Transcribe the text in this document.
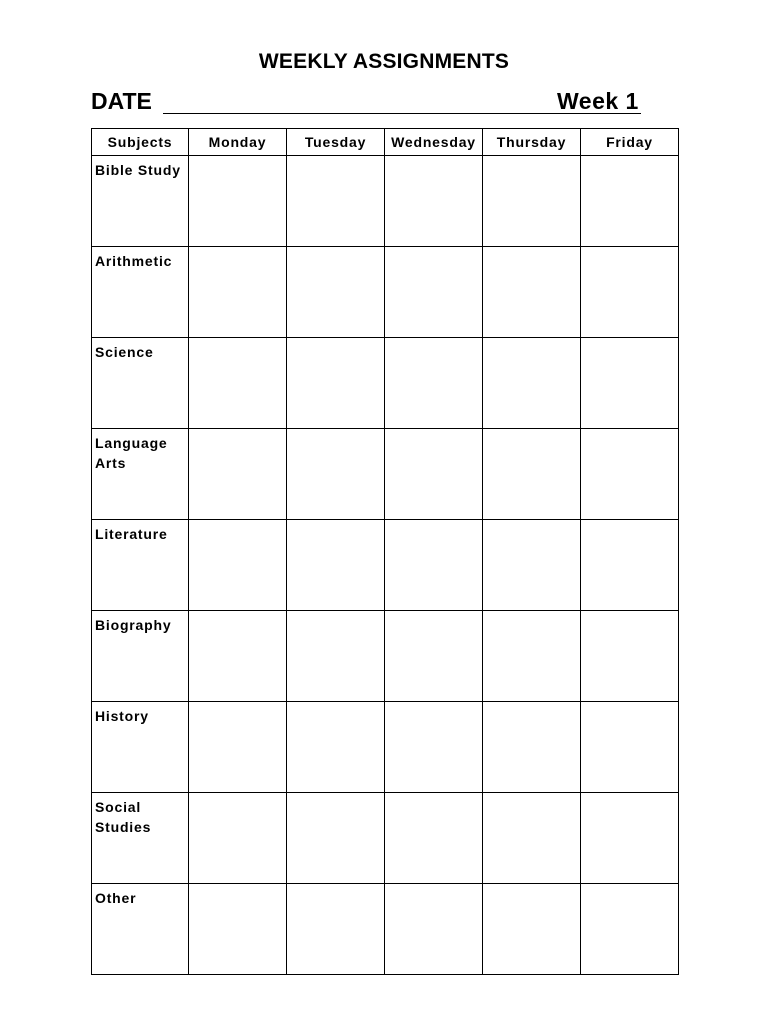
WEEKLY ASSIGNMENTS
DATE	Week 1
Subjects	Monday	Tuesday	Wednesday	Thursday	Friday
Bible Study					
Arithmetic					
Science					
Language Arts					
Literature					
Biography					
History					
Social Studies					
Other					
